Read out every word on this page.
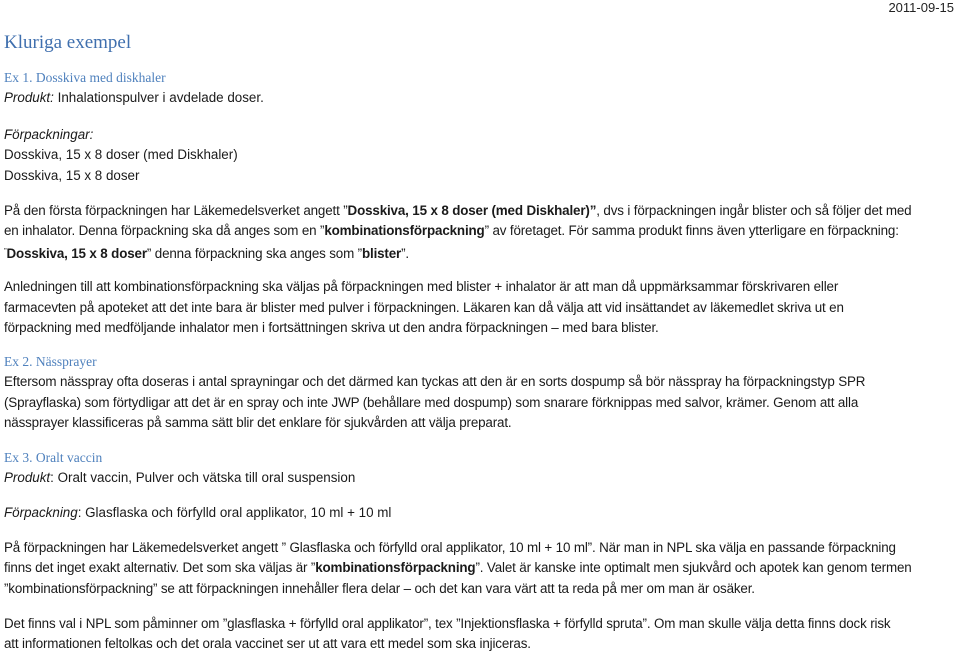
2011-09-15
Kluriga exempel
Ex 1. Dosskiva med diskhaler
Produkt: Inhalationspulver i avdelade doser.
Förpackningar:
Dosskiva, 15 x 8 doser (med Diskhaler)
Dosskiva, 15 x 8 doser
På den första förpackningen har Läkemedelsverket angett ”Dosskiva, 15 x 8 doser (med Diskhaler)”, dvs i förpackningen ingår blister och så följer det med
en inhalator. Denna förpackning ska då anges som en ”kombinationsförpackning” av företaget. För samma produkt finns även ytterligare en förpackning:
”Dosskiva, 15 x 8 doser” denna förpackning ska anges som ”blister”.
Anledningen till att kombinationsförpackning ska väljas på förpackningen med blister + inhalator är att man då uppmärksammar förskrivaren eller
farmacevten på apoteket att det inte bara är blister med pulver i förpackningen. Läkaren kan då välja att vid insättandet av läkemedlet skriva ut en
förpackning med medföljande inhalator men i fortsättningen skriva ut den andra förpackningen – med bara blister.
Ex 2. Nässprayer
Eftersom nässpray ofta doseras i antal sprayningar och det därmed kan tyckas att den är en sorts dospump så bör nässpray ha förpackningstyp SPR
(Sprayflaska) som förtydligar att det är en spray och inte JWP (behållare med dospump) som snarare förknippas med salvor, krämer. Genom att alla
nässprayer klassificeras på samma sätt blir det enklare för sjukvården att välja preparat.
Ex 3. Oralt vaccin
Produkt: Oralt vaccin, Pulver och vätska till oral suspension
Förpackning: Glasflaska och förfylld oral applikator, 10 ml + 10 ml
På förpackningen har Läkemedelsverket angett ” Glasflaska och förfylld oral applikator, 10 ml + 10 ml”. När man in NPL ska välja en passande förpackning
finns det inget exakt alternativ. Det som ska väljas är ”kombinationsförpackning”. Valet är kanske inte optimalt men sjukvård och apotek kan genom termen
”kombinationsförpackning” se att förpackningen innehåller flera delar – och det kan vara värt att ta reda på mer om man är osäker.
Det finns val i NPL som påminner om ”glasflaska + förfylld oral applikator”, tex ”Injektionsflaska + förfylld spruta”. Om man skulle välja detta finns dock risk
att informationen feltolkas och det orala vaccinet ser ut att vara ett medel som ska injiceras.
